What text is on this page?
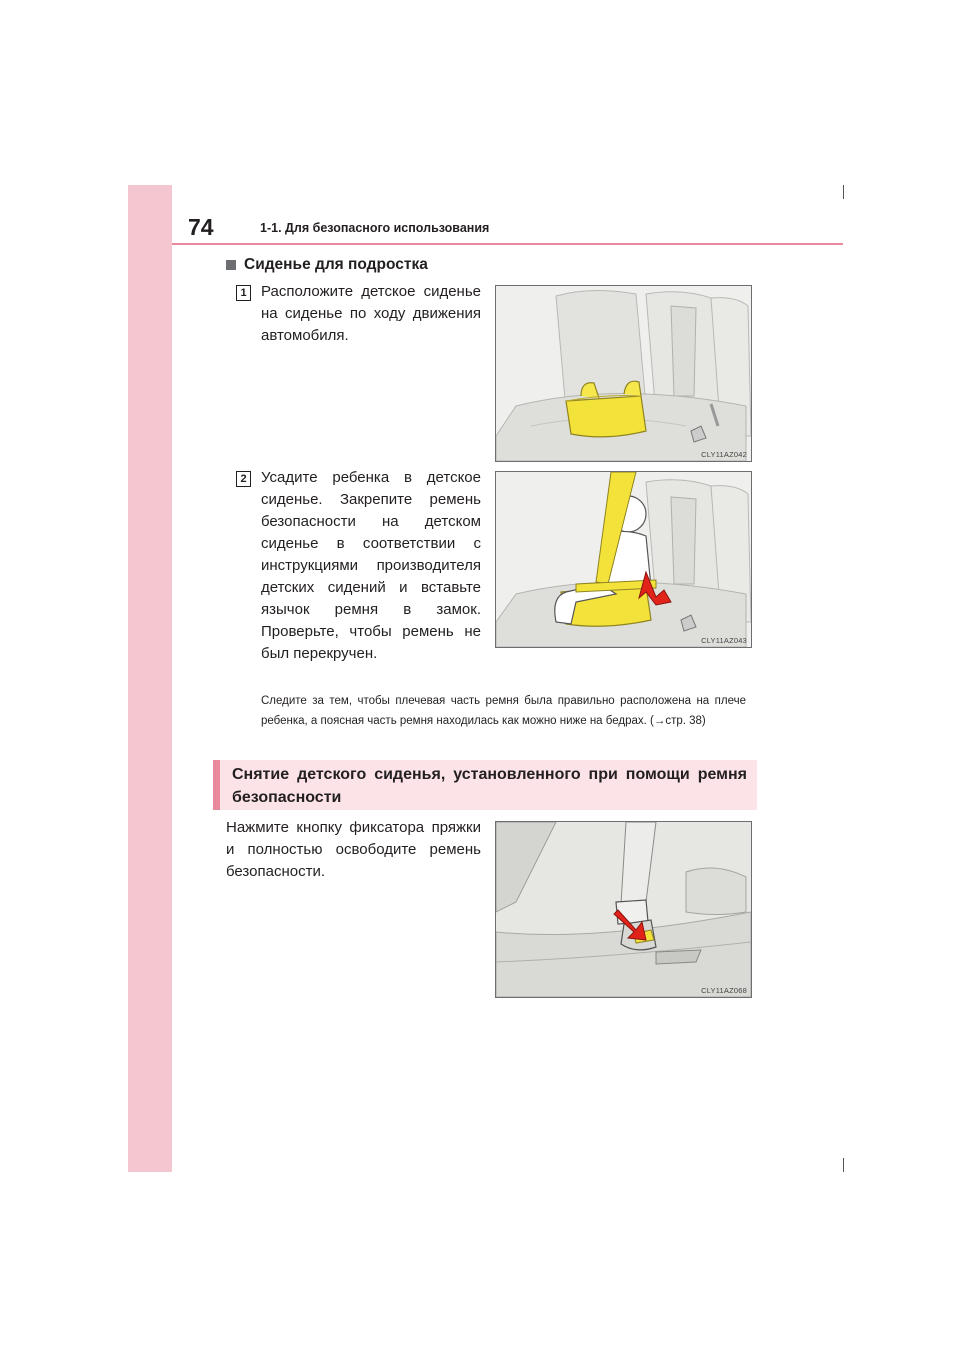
74	1-1. Для безопасного использования
Сиденье для подростка
1 Расположите детское сиденье на сиденье по ходу движения автомобиля.
CLY11AZ042
2 Усадите ребенка в детское сиденье. Закрепите ремень безопасности на детском сиденье в соответствии с инструкциями производителя детских сидений и вставьте язычок ремня в замок. Проверьте, чтобы ремень не был перекручен.
CLY11AZ043
Следите за тем, чтобы плечевая часть ремня была правильно расположена на плече ребенка, а поясная часть ремня находилась как можно ниже на бедрах. (→стр. 38)
Снятие детского сиденья, установленного при помощи ремня безопасности
Нажмите кнопку фиксатора пряжки и полностью освободите ремень безопасности.
CLY11AZ068
